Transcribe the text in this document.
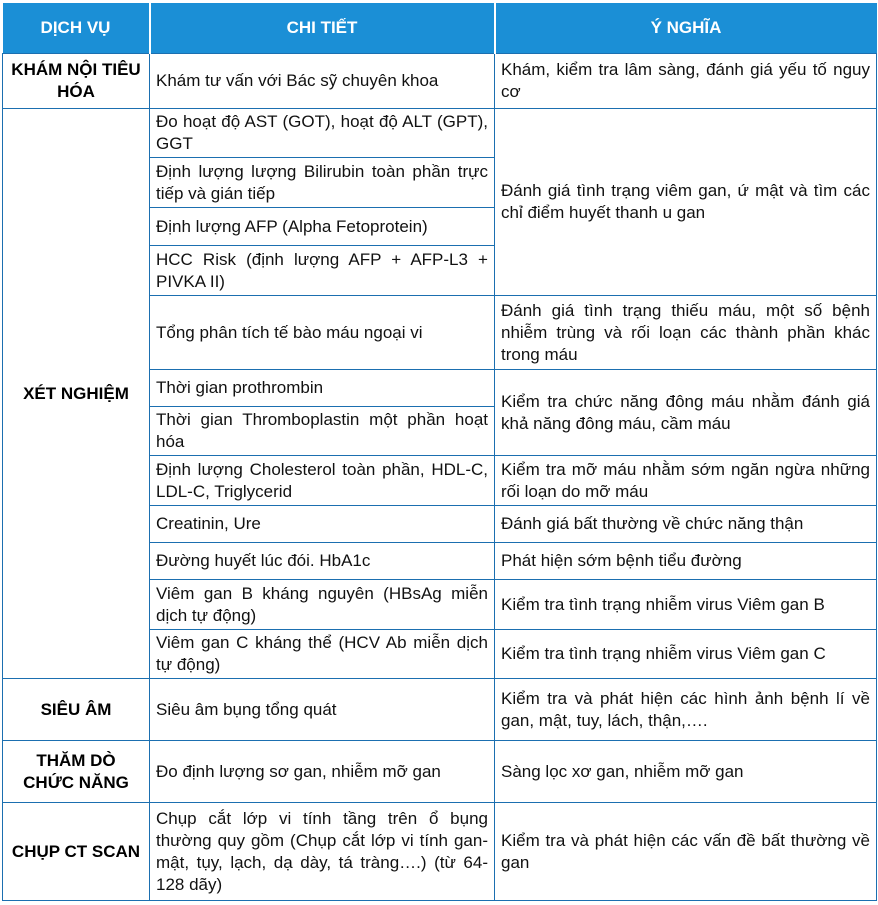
DỊCH VỤ	CHI TIẾT	Ý NGHĨA
KHÁM NỘI TIÊU HÓA	Khám tư vấn với Bác sỹ chuyên khoa	Khám, kiểm tra lâm sàng, đánh giá yếu tố nguy cơ
XÉT NGHIỆM	Đo hoạt độ AST (GOT), hoạt độ ALT (GPT), GGT	Đánh giá tình trạng viêm gan, ứ mật và tìm các chỉ điểm huyết thanh u gan
	Định lượng lượng Bilirubin toàn phần trực tiếp và gián tiếp	
	Định lượng AFP (Alpha Fetoprotein)	
	HCC Risk (định lượng AFP + AFP-L3 + PIVKA II)	
	Tổng phân tích tế bào máu ngoại vi	Đánh giá tình trạng thiếu máu, một số bệnh nhiễm trùng và rối loạn các thành phần khác trong máu
	Thời gian prothrombin	Kiểm tra chức năng đông máu nhằm đánh giá khả năng đông máu, cầm máu
	Thời gian Thromboplastin một phần hoạt hóa	
	Định lượng Cholesterol toàn phần, HDL-C, LDL-C, Triglycerid	Kiểm tra mỡ máu nhằm sớm ngăn ngừa những rối loạn do mỡ máu
	Creatinin, Ure	Đánh giá bất thường về chức năng thận
	Đường huyết lúc đói. HbA1c	Phát hiện sớm bệnh tiểu đường
	Viêm gan B kháng nguyên (HBsAg miễn dịch tự động)	Kiểm tra tình trạng nhiễm virus Viêm gan B
	Viêm gan C kháng thể (HCV Ab miễn dịch tự động)	Kiểm tra tình trạng nhiễm virus Viêm gan C
SIÊU ÂM	Siêu âm bụng tổng quát	Kiểm tra và phát hiện các hình ảnh bệnh lí về gan, mật, tuy, lách, thận,….
THĂM DÒ CHỨC NĂNG	Đo định lượng sơ gan, nhiễm mỡ gan	Sàng lọc xơ gan, nhiễm mỡ gan
CHỤP CT SCAN	Chụp cắt lớp vi tính tầng trên ổ bụng thường quy gồm (Chụp cắt lớp vi tính gan-mật, tụy, lạch, dạ dày, tá tràng….) (từ 64-128 dãy)	Kiểm tra và phát hiện các vấn đề bất thường về gan
